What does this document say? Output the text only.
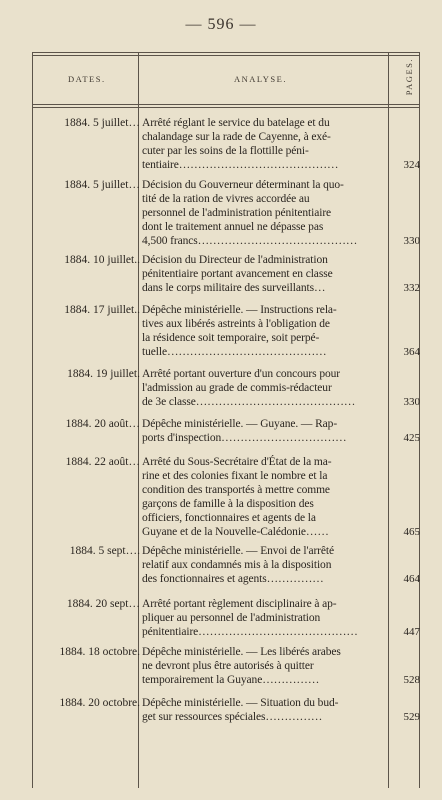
— 596 —
DATES.	ANALYSE.	PAGES.
1884. 5 juillet… Arrêté réglant le service du batelage et du
chalandage sur la rade de Cayenne, à exé-
cuter par les soins de la flottille péni-
tentiaire……………………………………	324
1884. 5 juillet… Décision du Gouverneur déterminant la quo-
tité de la ration de vivres accordée au
personnel de l'administration pénitentiaire
dont le traitement annuel ne dépasse pas
4,500 francs……………………………………	330
1884. 10 juillet.. Décision du Directeur de l'administration
pénitentiaire portant avancement en classe
dans le corps militaire des surveillants…	332
1884. 17 juillet.. Dépêche ministérielle. — Instructions rela-
tives aux libérés astreints à l'obligation de
la résidence soit temporaire, soit perpé-
tuelle……………………………………	364
1884. 19 juillet. Arrêté portant ouverture d'un concours pour
l'admission au grade de commis-rédacteur
de 3e classe……………………………………	330
1884. 20 août… Dépêche ministérielle. — Guyane. — Rap-
ports d'inspection……………………………	425
1884. 22 août… Arrêté du Sous-Secrétaire d'État de la ma-
rine et des colonies fixant le nombre et la
condition des transportés à mettre comme
garçons de famille à la disposition des
officiers, fonctionnaires et agents de la
Guyane et de la Nouvelle-Calédonie……	465
1884. 5 sept…. Dépêche ministérielle. — Envoi de l'arrêté
relatif aux condamnés mis à la disposition
des fonctionnaires et agents……………	464
1884. 20 sept… Arrêté portant règlement disciplinaire à ap-
pliquer au personnel de l'administration
pénitentiaire……………………………………	447
1884. 18 octobre. Dépêche ministérielle. — Les libérés arabes
ne devront plus être autorisés à quitter
temporairement la Guyane……………	528
1884. 20 octobre. Dépêche ministérielle. — Situation du bud-
get sur ressources spéciales……………	529
